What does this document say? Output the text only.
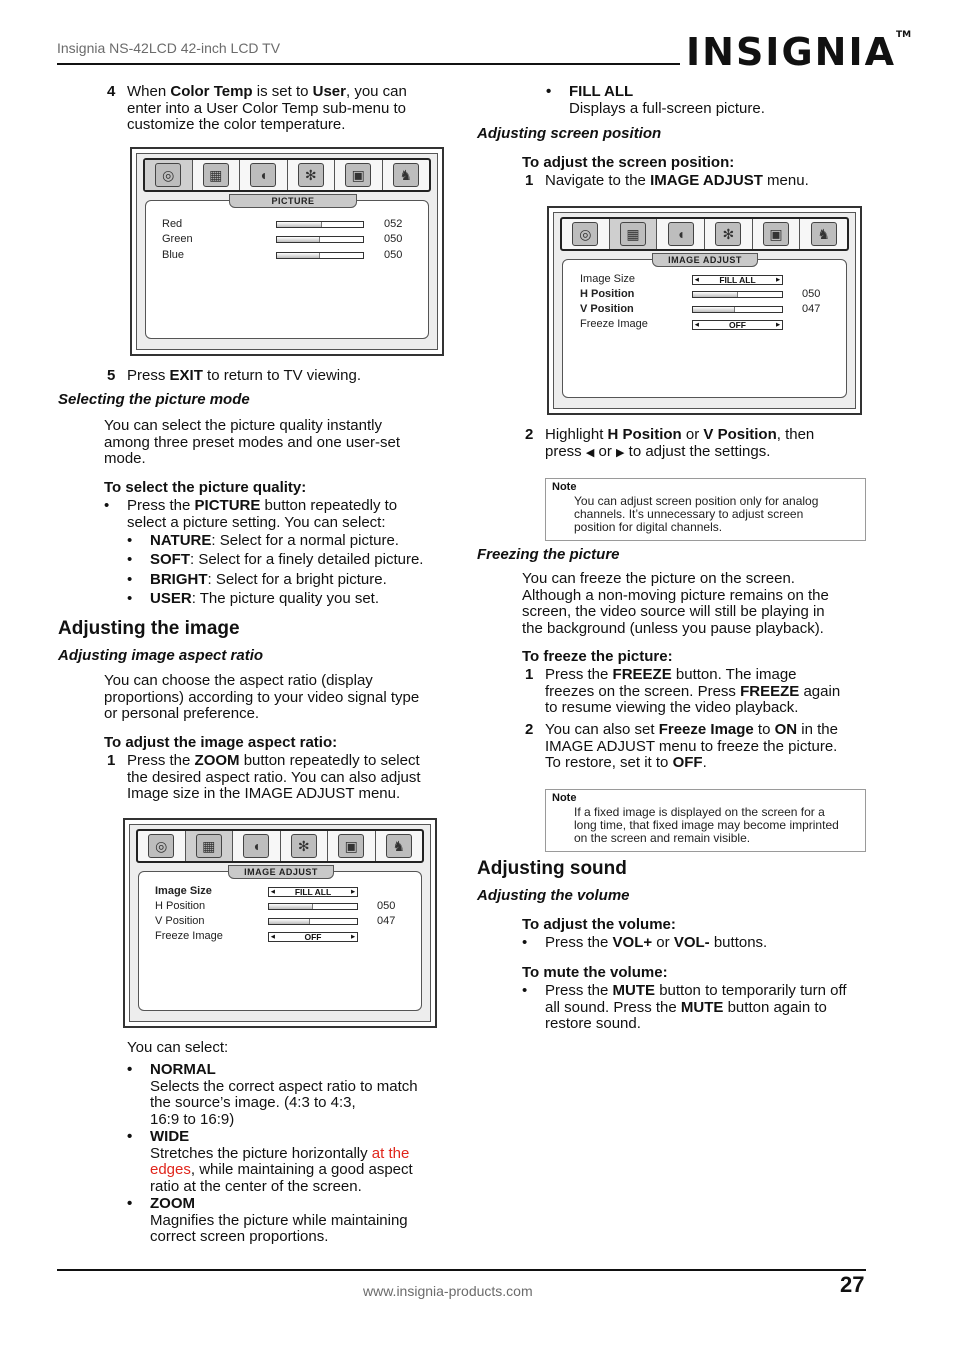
Insignia NS-42LCD 42-inch LCD TV	INSIGNIA™
4 When Color Temp is set to User, you can
enter into a User Color Temp sub-menu to
customize the color temperature.
◎	▦	◖	✻	▣	♞
PICTURE
Red	052
Green	050
Blue	050
5 Press EXIT to return to TV viewing.
Selecting the picture mode
You can select the picture quality instantly
among three preset modes and one user-set
mode.
To select the picture quality:
• Press the PICTURE button repeatedly to
select a picture setting. You can select:
• NATURE: Select for a normal picture.
• SOFT: Select for a finely detailed picture.
• BRIGHT: Select for a bright picture.
• USER: The picture quality you set.
Adjusting the image
Adjusting image aspect ratio
You can choose the aspect ratio (display
proportions) according to your video signal type
or personal preference.
To adjust the image aspect ratio:
1 Press the ZOOM button repeatedly to select
the desired aspect ratio. You can also adjust
Image size in the IMAGE ADJUST menu.
◎	▦	◖	✻	▣	♞
IMAGE ADJUST
Image Size	◀ FILL ALL ▶
H Position	050
V Position	047
Freeze Image	◀ OFF ▶
You can select:
• NORMAL
Selects the correct aspect ratio to match
the source’s image. (4:3 to 4:3,
16:9 to 16:9)
• WIDE
Stretches the picture horizontally at the
edges, while maintaining a good aspect
ratio at the center of the screen.
• ZOOM
Magnifies the picture while maintaining
correct screen proportions.
• FILL ALL
Displays a full-screen picture.
Adjusting screen position
To adjust the screen position:
1 Navigate to the IMAGE ADJUST menu.
◎	▦	◖	✻	▣	♞
IMAGE ADJUST
Image Size	◀ FILL ALL ▶
H Position	050
V Position	047
Freeze Image	◀ OFF ▶
2 Highlight H Position or V Position, then
press ◀ or ▶ to adjust the settings.
Note
You can adjust screen position only for analog
channels. It’s unnecessary to adjust screen
position for digital channels.
Freezing the picture
You can freeze the picture on the screen.
Although a non-moving picture remains on the
screen, the video source will still be playing in
the background (unless you pause playback).
To freeze the picture:
1 Press the FREEZE button. The image
freezes on the screen. Press FREEZE again
to resume viewing the video playback.
2 You can also set Freeze Image to ON in the
IMAGE ADJUST menu to freeze the picture.
To restore, set it to OFF.
Note
If a fixed image is displayed on the screen for a
long time, that fixed image may become imprinted
on the screen and remain visible.
Adjusting sound
Adjusting the volume
To adjust the volume:
• Press the VOL+ or VOL- buttons.
To mute the volume:
• Press the MUTE button to temporarily turn off
all sound. Press the MUTE button again to
restore sound.
www.insignia-products.com	27
